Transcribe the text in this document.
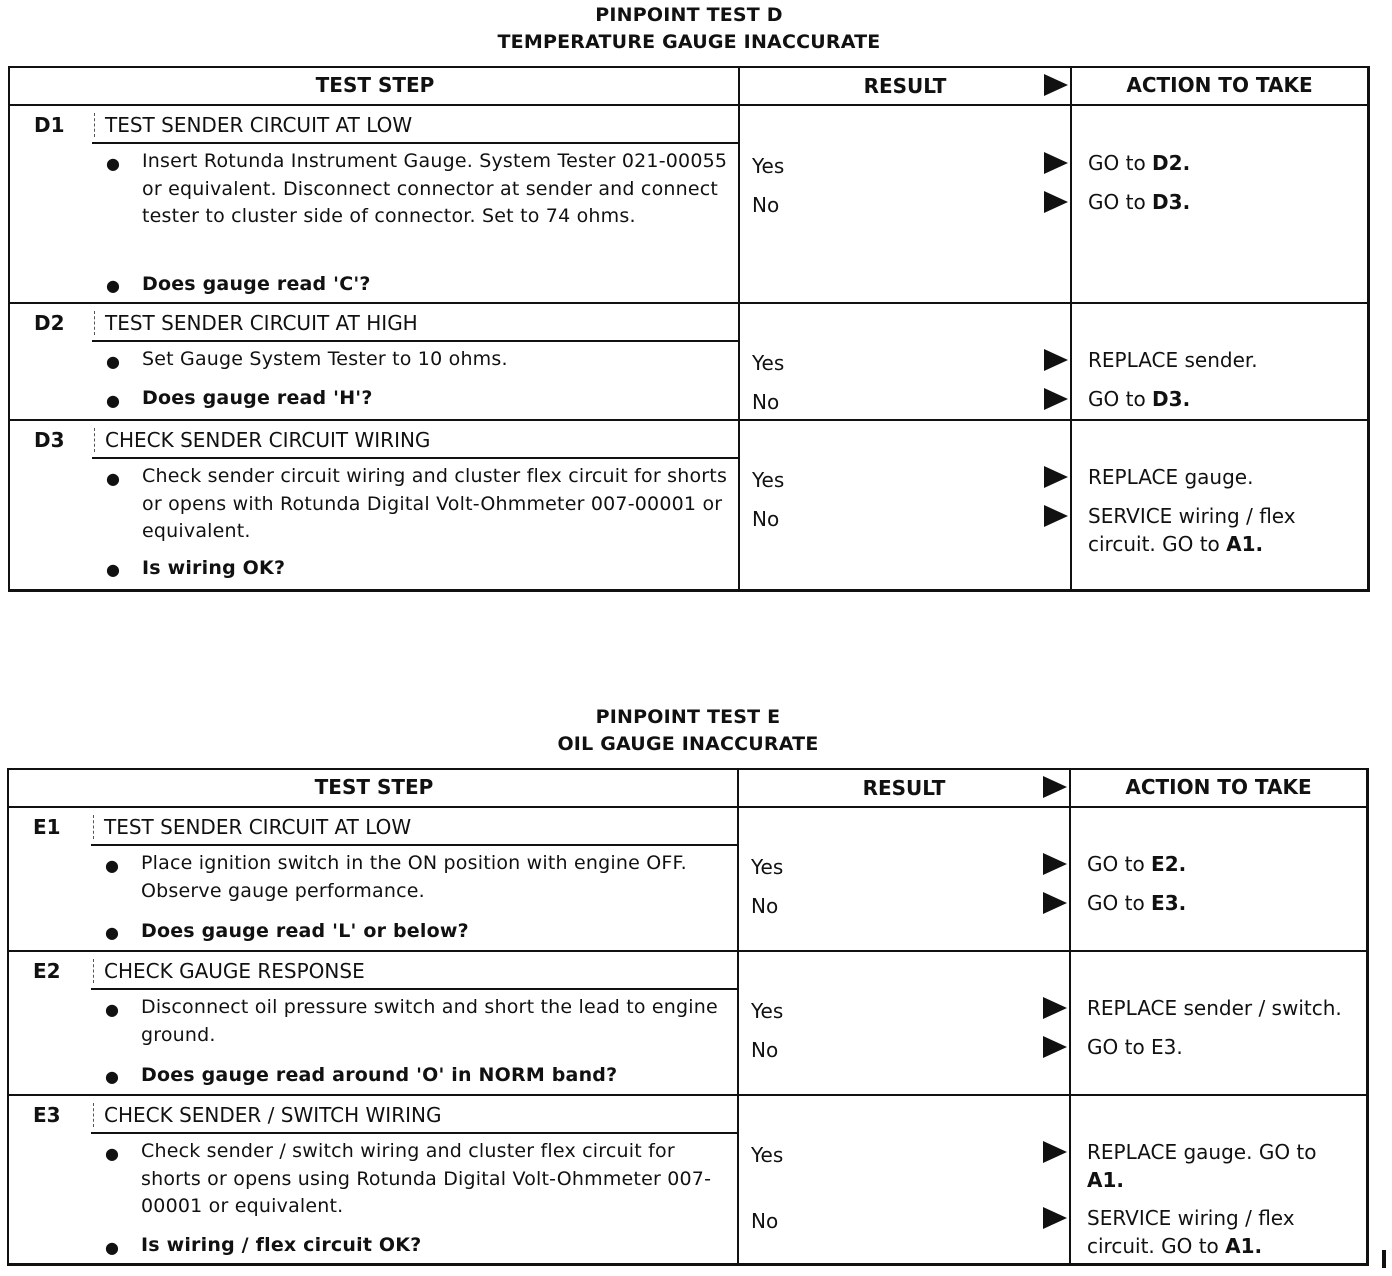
PINPOINT TEST D
TEMPERATURE GAUGE INACCURATE
TEST STEP	RESULT	ACTION TO TAKE
D1	TEST SENDER CIRCUIT AT LOW
● Insert Rotunda Instrument Gauge. System Tester 021-00055 or equivalent. Disconnect connector at sender and connect tester to cluster side of connector. Set to 74 ohms.
● Does gauge read 'C'?
Yes	GO to D2.
No	GO to D3.
D2	TEST SENDER CIRCUIT AT HIGH
● Set Gauge System Tester to 10 ohms.
● Does gauge read 'H'?
Yes	REPLACE sender.
No	GO to D3.
D3	CHECK SENDER CIRCUIT WIRING
● Check sender circuit wiring and cluster flex circuit for shorts or opens with Rotunda Digital Volt-Ohmmeter 007-00001 or equivalent.
● Is wiring OK?
Yes	REPLACE gauge.
No	SERVICE wiring / flex circuit. GO to A1.
PINPOINT TEST E
OIL GAUGE INACCURATE
TEST STEP	RESULT	ACTION TO TAKE
E1	TEST SENDER CIRCUIT AT LOW
● Place ignition switch in the ON position with engine OFF. Observe gauge performance.
● Does gauge read 'L' or below?
Yes	GO to E2.
No	GO to E3.
E2	CHECK GAUGE RESPONSE
● Disconnect oil pressure switch and short the lead to engine ground.
● Does gauge read around 'O' in NORM band?
Yes	REPLACE sender / switch.
No	GO to E3.
E3	CHECK SENDER / SWITCH WIRING
● Check sender / switch wiring and cluster flex circuit for shorts or opens using Rotunda Digital Volt-Ohmmeter 007-00001 or equivalent.
● Is wiring / flex circuit OK?
Yes	REPLACE gauge. GO to A1.
No	SERVICE wiring / flex circuit. GO to A1.
